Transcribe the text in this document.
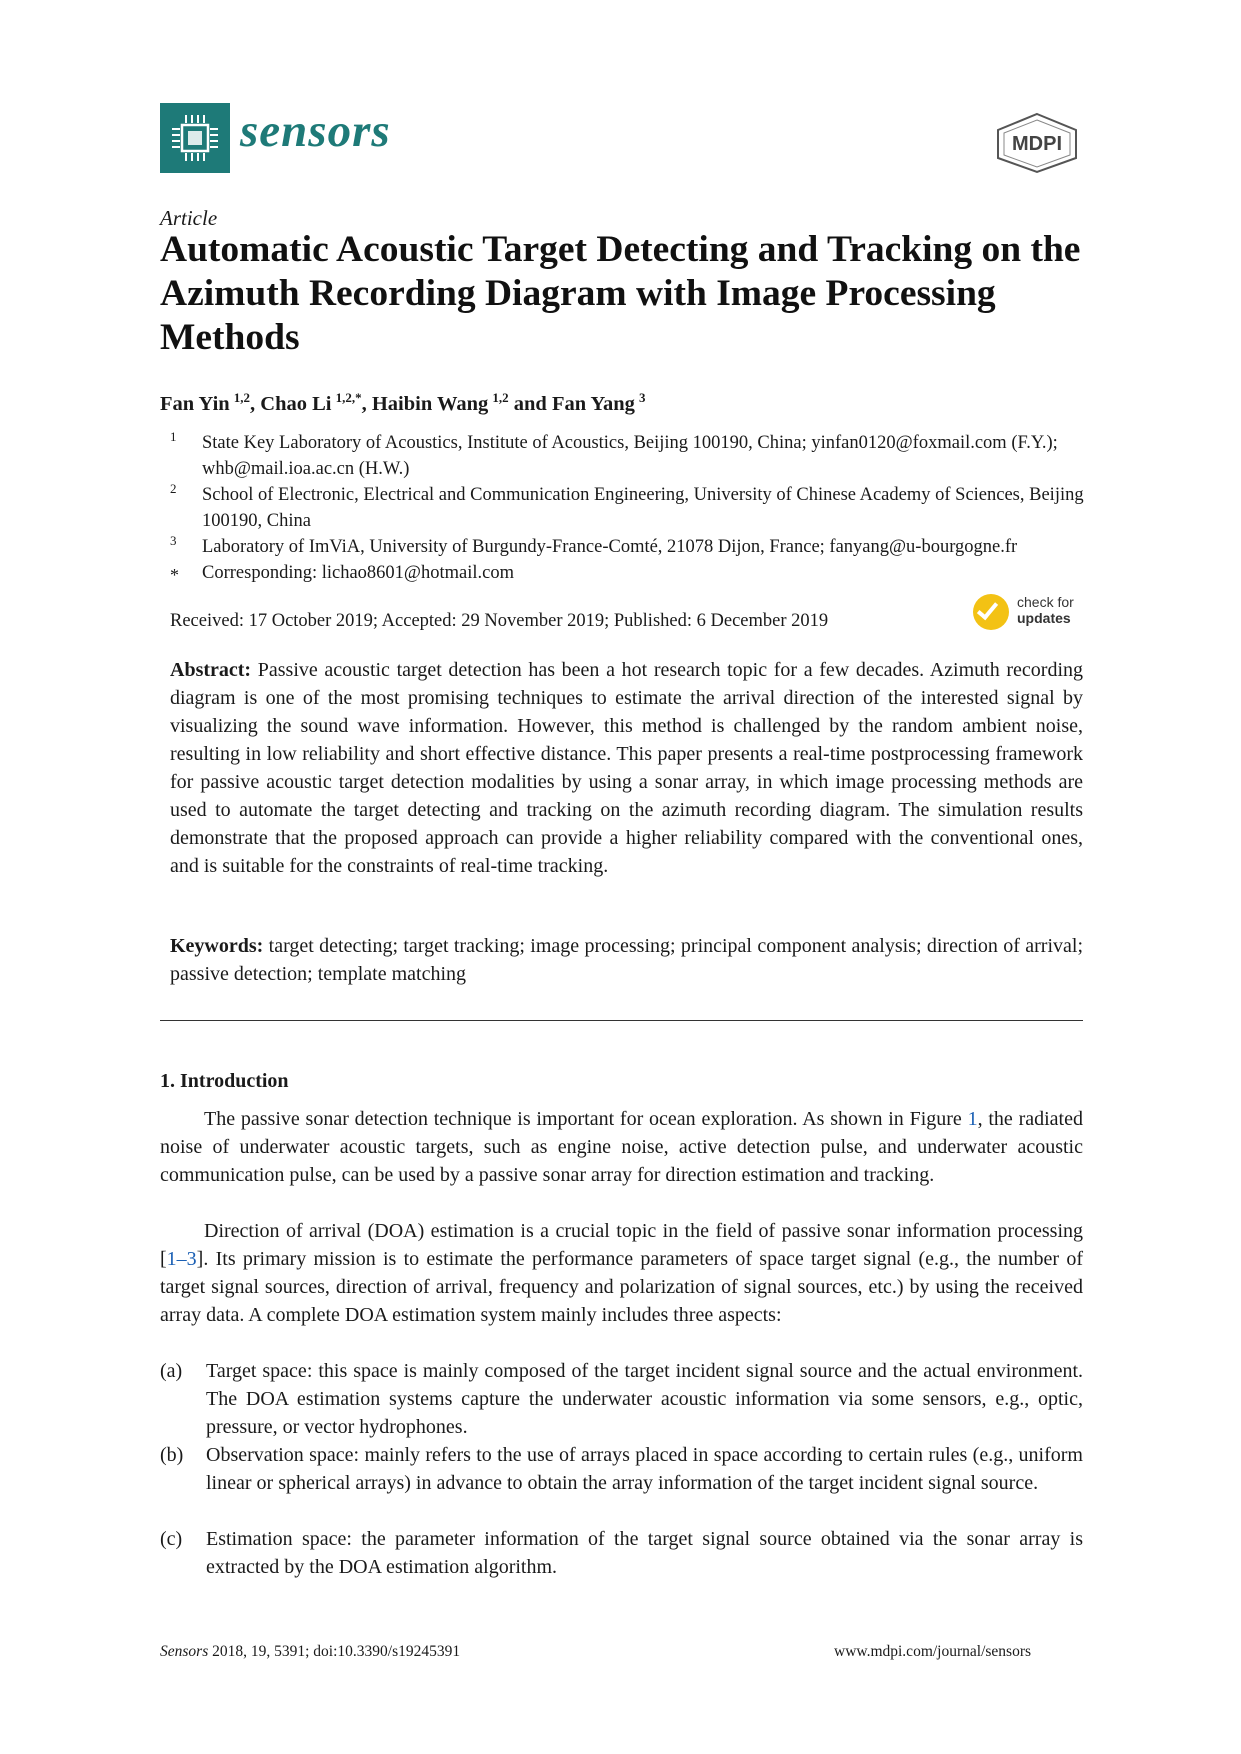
sensors	MDPI
Article
Automatic Acoustic Target Detecting and Tracking on the Azimuth Recording Diagram with Image Processing Methods
Fan Yin  $^{1,2}$, Chao Li  $^{1,2,*}$, Haibin Wang  $^{1,2}$ and Fan Yang  $^3$
1 State Key Laboratory of Acoustics, Institute of Acoustics, Beijing 100190, China; yinfan0120@foxmail.com (F.Y.); whb@mail.ioa.ac.cn (H.W.)
2 School of Electronic, Electrical and Communication Engineering, University of Chinese Academy of Sciences, Beijing 100190, China
3 Laboratory of ImViA, University of Burgundy-France-Comté, 21078 Dijon, France; fanyang@u-bourgogne.fr
* Corresponding: lichao8601@hotmail.com
Received: 17 October 2019; Accepted: 29 November 2019; Published: 6 December 2019
check for
updates
Abstract: Passive acoustic target detection has been a hot research topic for a few decades. Azimuth recording diagram is one of the most promising techniques to estimate the arrival direction of the interested signal by visualizing the sound wave information. However, this method is challenged by the random ambient noise, resulting in low reliability and short effective distance. This paper presents a real-time postprocessing framework for passive acoustic target detection modalities by using a sonar array, in which image processing methods are used to automate the target detecting and tracking on the azimuth recording diagram. The simulation results demonstrate that the proposed approach can provide a higher reliability compared with the conventional ones, and is suitable for the constraints of real-time tracking.
Keywords: target detecting; target tracking; image processing; principal component analysis; direction of arrival; passive detection; template matching
1. Introduction
The passive sonar detection technique is important for ocean exploration. As shown in Figure 1, the radiated noise of underwater acoustic targets, such as engine noise, active detection pulse, and underwater acoustic communication pulse, can be used by a passive sonar array for direction estimation and tracking.
Direction of arrival (DOA) estimation is a crucial topic in the field of passive sonar information processing [1–3]. Its primary mission is to estimate the performance parameters of space target signal (e.g., the number of target signal sources, direction of arrival, frequency and polarization of signal sources, etc.) by using the received array data. A complete DOA estimation system mainly includes three aspects:
(a) Target space: this space is mainly composed of the target incident signal source and the actual environment. The DOA estimation systems capture the underwater acoustic information via some sensors, e.g., optic, pressure, or vector hydrophones.
(b) Observation space: mainly refers to the use of arrays placed in space according to certain rules (e.g., uniform linear or spherical arrays) in advance to obtain the array information of the target incident signal source.
(c) Estimation space: the parameter information of the target signal source obtained via the sonar array is extracted by the DOA estimation algorithm.
Sensors 2018, 19, 5391; doi:10.3390/s19245391	www.mdpi.com/journal/sensors
